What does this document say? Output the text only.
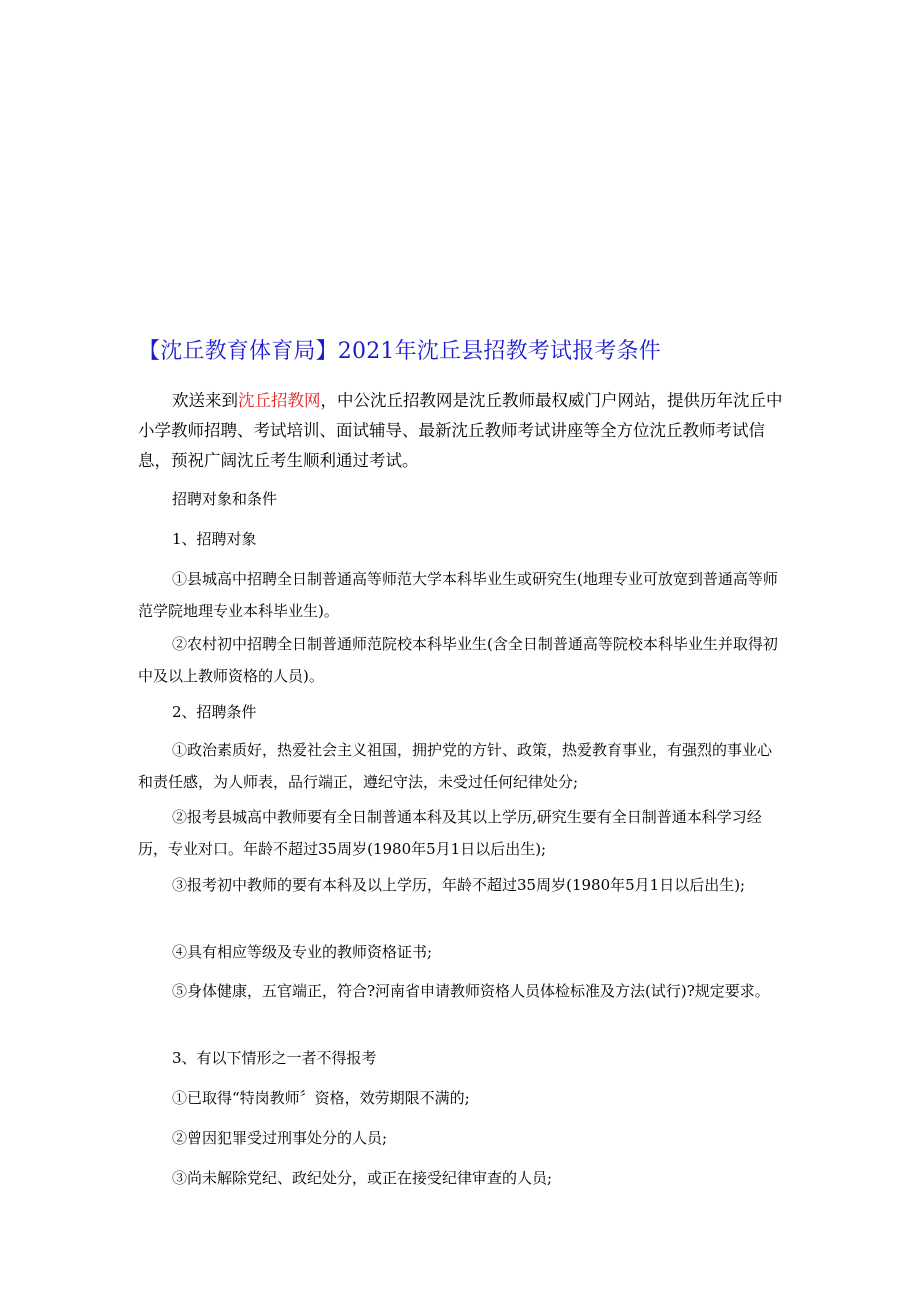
【沈丘教育体育局】2021年沈丘县招教考试报考条件

欢送来到沈丘招教网，中公沈丘招教网是沈丘教师最权威门户网站，提供历年沈丘中小学教师招聘、考试培训、面试辅导、最新沈丘教师考试讲座等全方位沈丘教师考试信息，预祝广阔沈丘考生顺利通过考试。

招聘对象和条件

1、招聘对象

①县城高中招聘全日制普通高等师范大学本科毕业生或研究生(地理专业可放宽到普通高等师范学院地理专业本科毕业生)。

②农村初中招聘全日制普通师范院校本科毕业生(含全日制普通高等院校本科毕业生并取得初中及以上教师资格的人员)。

2、招聘条件

①政治素质好，热爱社会主义祖国，拥护党的方针、政策，热爱教育事业，有强烈的事业心和责任感，为人师表，品行端正，遵纪守法，未受过任何纪律处分;

②报考县城高中教师要有全日制普通本科及其以上学历,研究生要有全日制普通本科学习经历，专业对口。年龄不超过35周岁(1980年5月1日以后出生);

③报考初中教师的要有本科及以上学历，年龄不超过35周岁(1980年5月1日以后出生);

④具有相应等级及专业的教师资格证书;

⑤身体健康，五官端正，符合?河南省申请教师资格人员体检标准及方法(试行)?规定要求。

3、有以下情形之一者不得报考

①已取得“特岗教师〞资格，效劳期限不满的;

②曾因犯罪受过刑事处分的人员;

③尚未解除党纪、政纪处分，或正在接受纪律审查的人员;
